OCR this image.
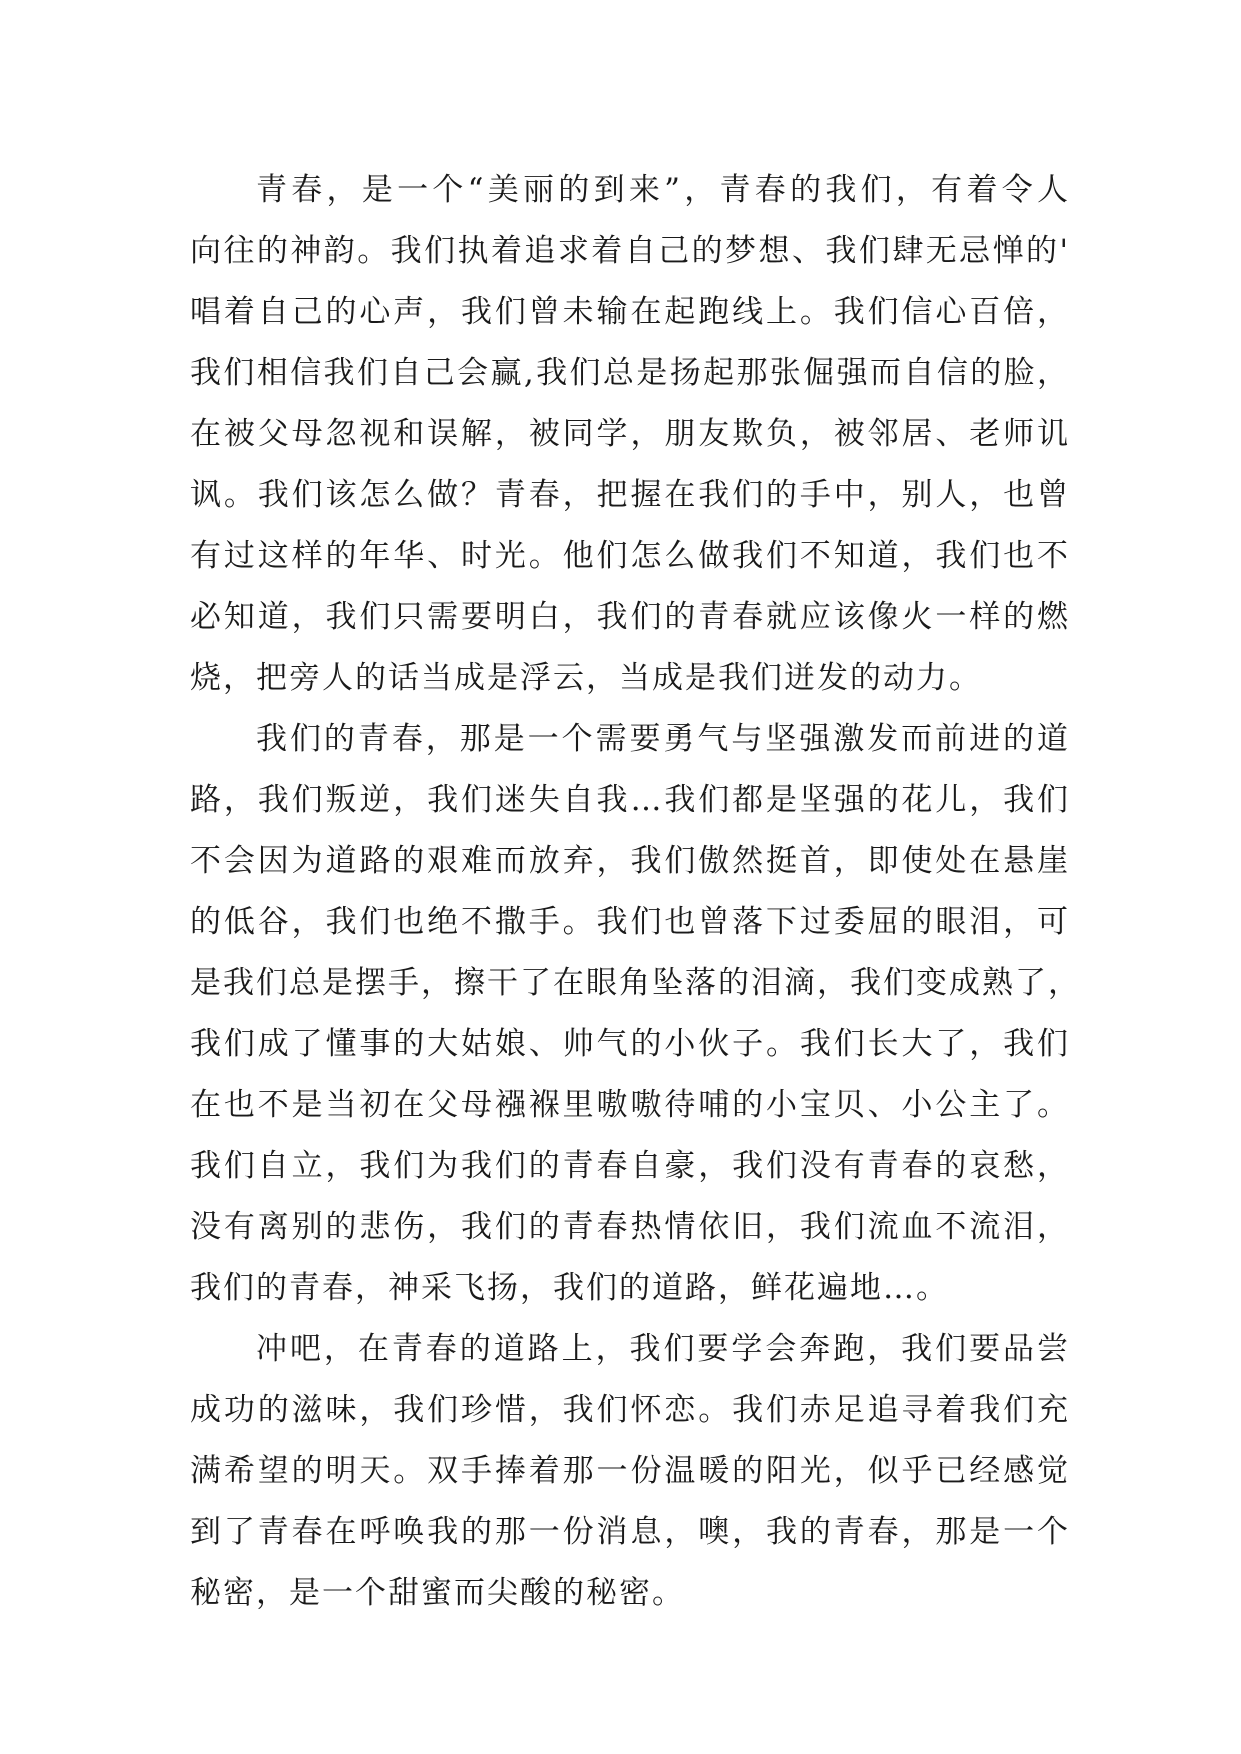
青春，是一个“美丽的到来”，青春的我们，有着令人
向往的神韵。我们执着追求着自己的梦想、我们肆无忌惮的'
唱着自己的心声，我们曾未输在起跑线上。我们信心百倍，
我们相信我们自己会赢,我们总是扬起那张倔强而自信的脸，
在被父母忽视和误解，被同学，朋友欺负，被邻居、老师讥
讽。我们该怎么做？青春，把握在我们的手中，别人，也曾
有过这样的年华、时光。他们怎么做我们不知道，我们也不
必知道，我们只需要明白，我们的青春就应该像火一样的燃
烧，把旁人的话当成是浮云，当成是我们迸发的动力。
我们的青春，那是一个需要勇气与坚强激发而前进的道
路，我们叛逆，我们迷失自我…我们都是坚强的花儿，我们
不会因为道路的艰难而放弃，我们傲然挺首，即使处在悬崖
的低谷，我们也绝不撒手。我们也曾落下过委屈的眼泪，可
是我们总是摆手，擦干了在眼角坠落的泪滴，我们变成熟了，
我们成了懂事的大姑娘、帅气的小伙子。我们长大了，我们
在也不是当初在父母襁褓里嗷嗷待哺的小宝贝、小公主了。
我们自立，我们为我们的青春自豪，我们没有青春的哀愁，
没有离别的悲伤，我们的青春热情依旧，我们流血不流泪，
我们的青春，神采飞扬，我们的道路，鲜花遍地…。
冲吧，在青春的道路上，我们要学会奔跑，我们要品尝
成功的滋味，我们珍惜，我们怀恋。我们赤足追寻着我们充
满希望的明天。双手捧着那一份温暖的阳光，似乎已经感觉
到了青春在呼唤我的那一份消息，噢，我的青春，那是一个
秘密，是一个甜蜜而尖酸的秘密。
